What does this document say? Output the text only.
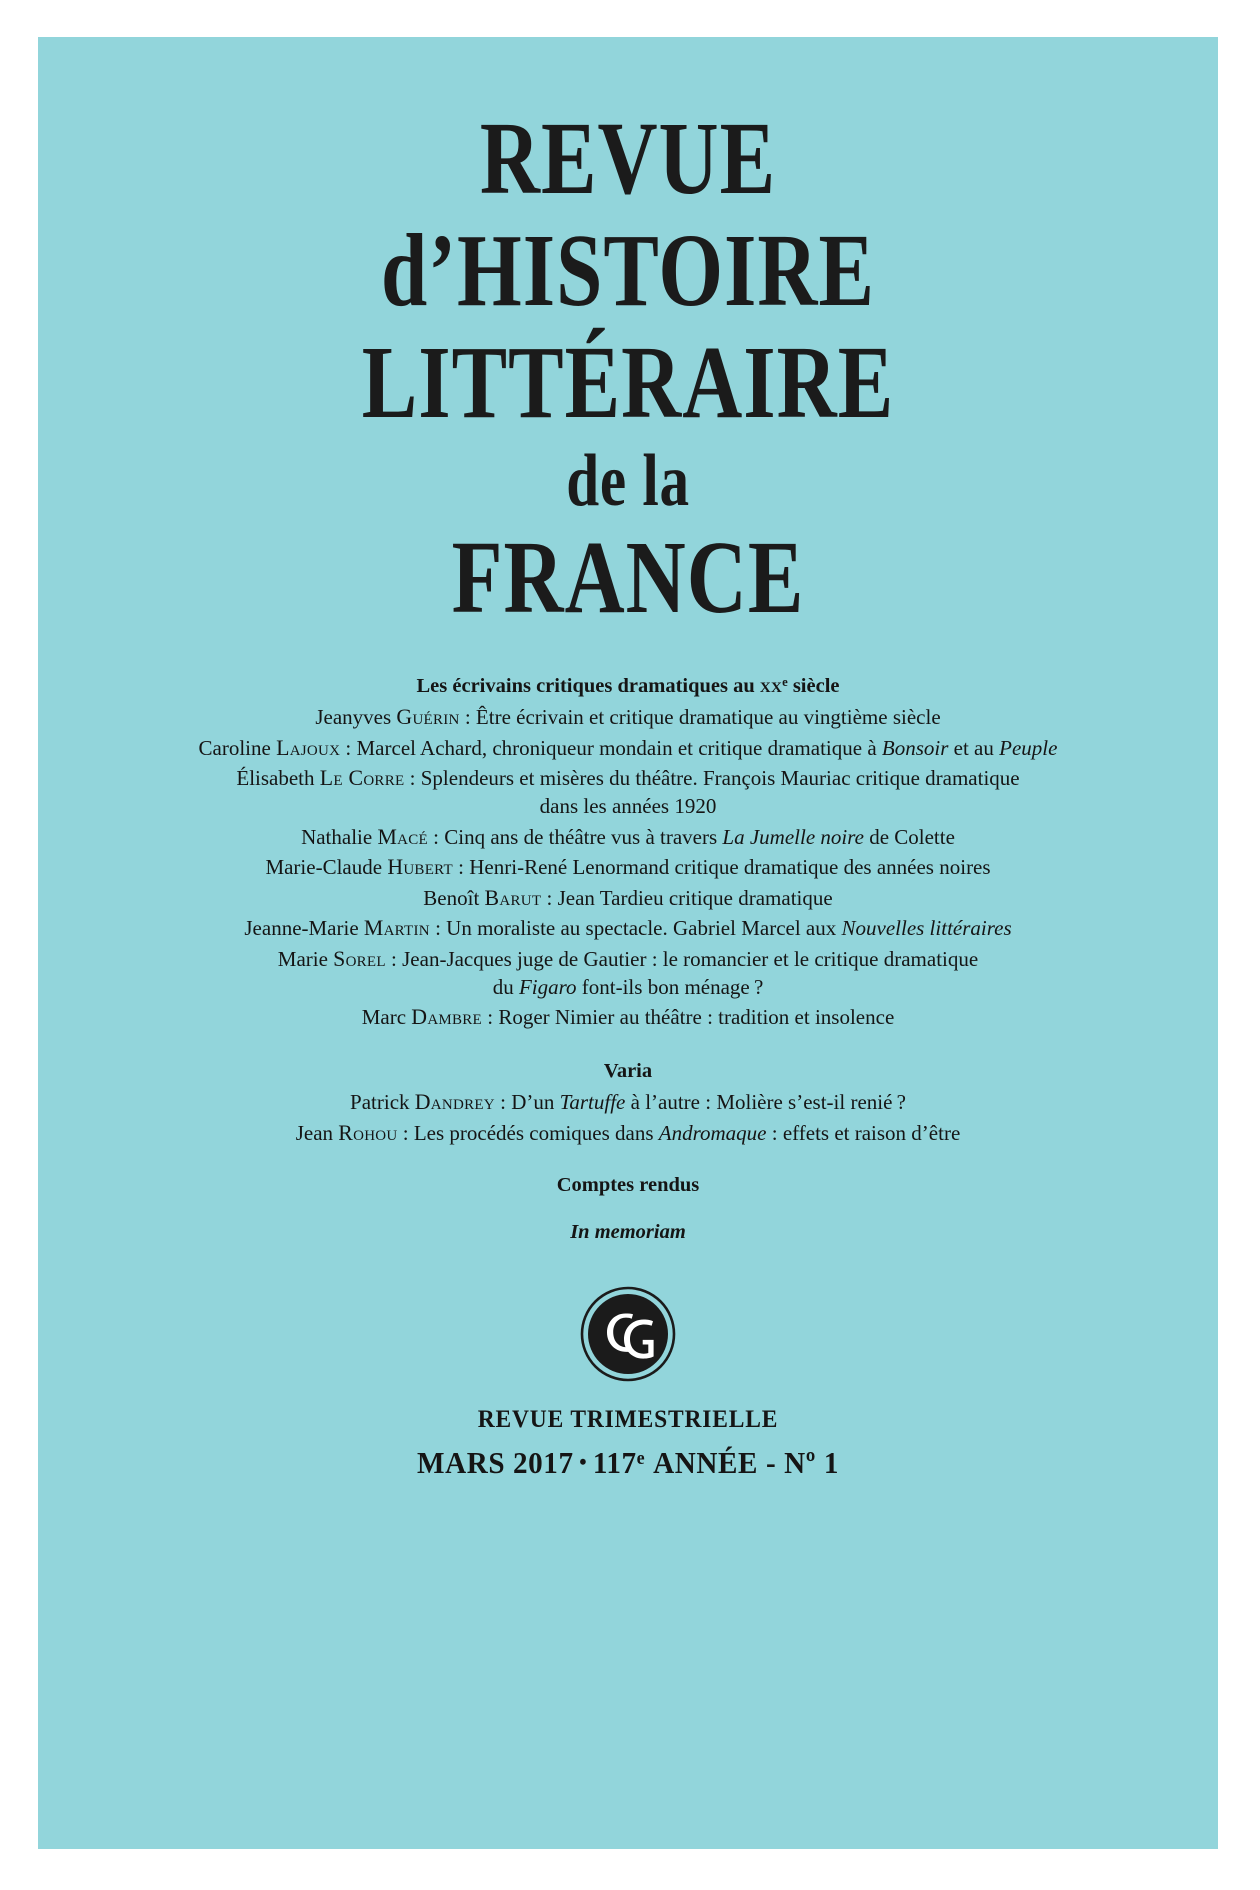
REVUE
d’HISTOIRE
LITTÉRAIRE
de la
FRANCE
Les écrivains critiques dramatiques au $xx^e$ siècle
Jeanyves Guérin : Être écrivain et critique dramatique au vingtième siècle
Caroline Lajoux : Marcel Achard, chroniqueur mondain et critique dramatique à Bonsoir et au Peuple
Élisabeth Le Corre : Splendeurs et misères du théâtre. François Mauriac critique dramatique
dans les années 1920
Nathalie Macé : Cinq ans de théâtre vus à travers La Jumelle noire de Colette
Marie-Claude Hubert : Henri-René Lenormand critique dramatique des années noires
Benoît Barut : Jean Tardieu critique dramatique
Jeanne-Marie Martin : Un moraliste au spectacle. Gabriel Marcel aux Nouvelles littéraires
Marie Sorel : Jean-Jacques juge de Gautier : le romancier et le critique dramatique
du Figaro font-ils bon ménage ?
Marc Dambre : Roger Nimier au théâtre : tradition et insolence
Varia
Patrick Dandrey : D’un Tartuffe à l’autre : Molière s’est-il renié ?
Jean Rohou : Les procédés comiques dans Andromaque : effets et raison d’être
Comptes rendus
In memoriam
REVUE TRIMESTRIELLE
MARS 2017 • 117e ANNÉE - Nº 1
